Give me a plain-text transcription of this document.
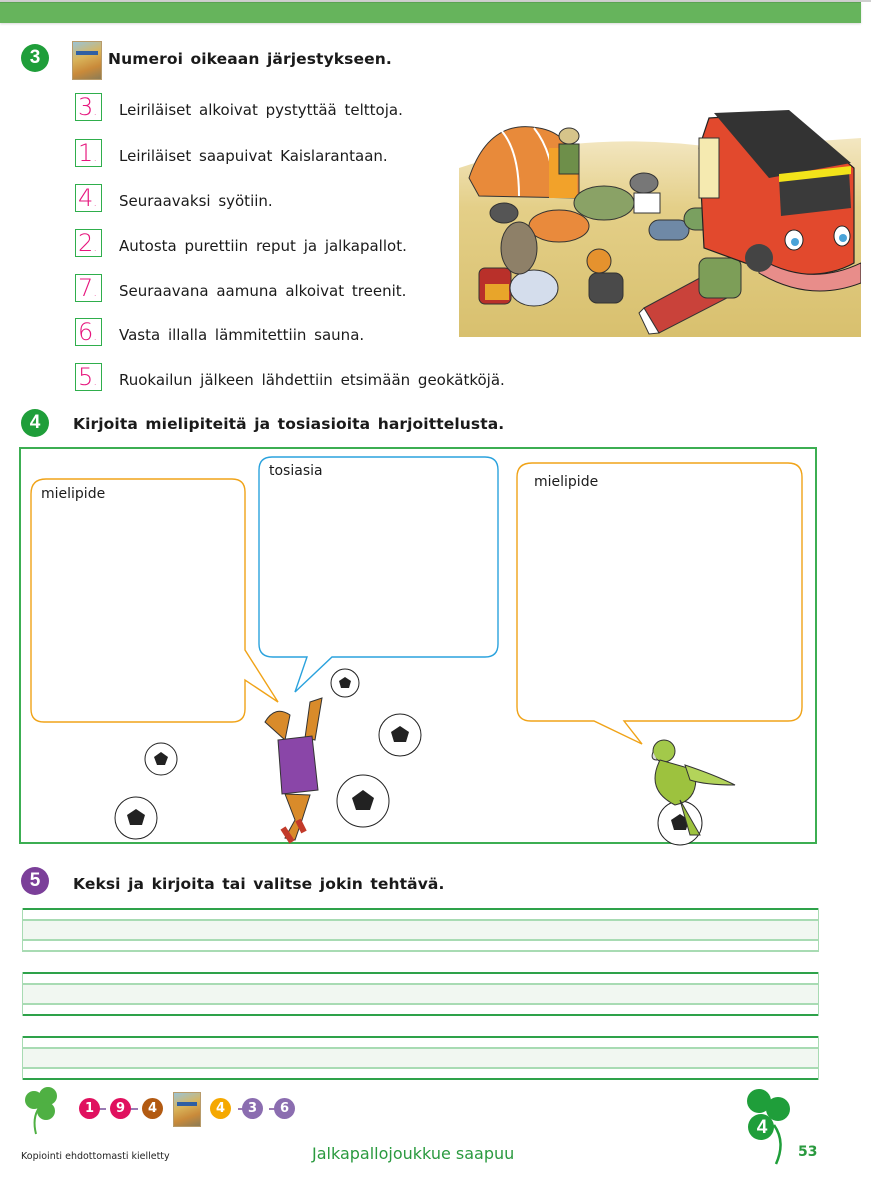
3	Numeroi oikeaan järjestykseen.
3.	Leiriläiset alkoivat pystyttää telttoja.
1.	Leiriläiset saapuivat Kaislarantaan.
4.	Seuraavaksi syötiin.
2.	Autosta purettiin reput ja jalkapallot.
7.	Seuraavana aamuna alkoivat treenit.
6.	Vasta illalla lämmitettiin sauna.
5.	Ruokailun jälkeen lähdettiin etsimään geokätköjä.
4	Kirjoita mielipiteitä ja tosiasioita harjoittelusta.
mielipide
tosiasia
mielipide
5	Keksi ja kirjoita tai valitse jokin tehtävä.
1	9	4	4	3	6
Kopiointi ehdottomasti kielletty	Jalkapallojoukkue saapuu
4
53
